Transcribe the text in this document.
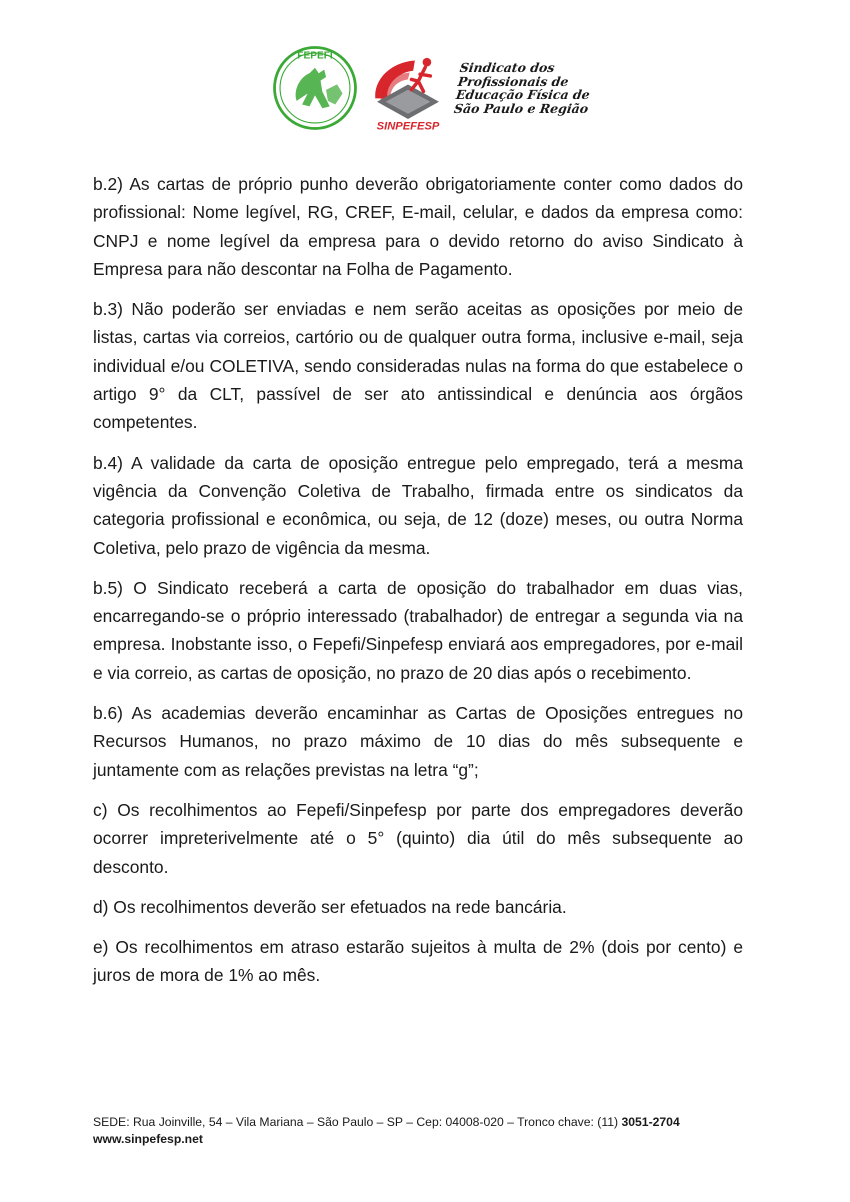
FEPEFI
SINPEFESP
Sindicato dos
Profissionais de
Educação Física de
São Paulo e Região

b.2) As cartas de próprio punho deverão obrigatoriamente conter como dados do profissional: Nome legível, RG, CREF, E-mail, celular, e dados da empresa como: CNPJ e nome legível da empresa para o devido retorno do aviso Sindicato à Empresa para não descontar na Folha de Pagamento.

b.3) Não poderão ser enviadas e nem serão aceitas as oposições por meio de listas, cartas via correios, cartório ou de qualquer outra forma, inclusive e-mail, seja individual e/ou COLETIVA, sendo consideradas nulas na forma do que estabelece o artigo 9° da CLT, passível de ser ato antissindical e denúncia aos órgãos competentes.

b.4) A validade da carta de oposição entregue pelo empregado, terá a mesma vigência da Convenção Coletiva de Trabalho, firmada entre os sindicatos da categoria profissional e econômica, ou seja, de 12 (doze) meses, ou outra Norma Coletiva, pelo prazo de vigência da mesma.

b.5) O Sindicato receberá a carta de oposição do trabalhador em duas vias, encarregando-se o próprio interessado (trabalhador) de entregar a segunda via na empresa. Inobstante isso, o Fepefi/Sinpefesp enviará aos empregadores, por e-mail e via correio, as cartas de oposição, no prazo de 20 dias após o recebimento.

b.6) As academias deverão encaminhar as Cartas de Oposições entregues no Recursos Humanos, no prazo máximo de 10 dias do mês subsequente e juntamente com as relações previstas na letra “g”;

c) Os recolhimentos ao Fepefi/Sinpefesp por parte dos empregadores deverão ocorrer impreterivelmente até o 5° (quinto) dia útil do mês subsequente ao desconto.

d) Os recolhimentos deverão ser efetuados na rede bancária.

e) Os recolhimentos em atraso estarão sujeitos à multa de 2% (dois por cento) e juros de mora de 1% ao mês.

SEDE: Rua Joinville, 54 – Vila Mariana – São Paulo – SP – Cep: 04008-020 – Tronco chave: (11) 3051-2704
www.sinpefesp.net
